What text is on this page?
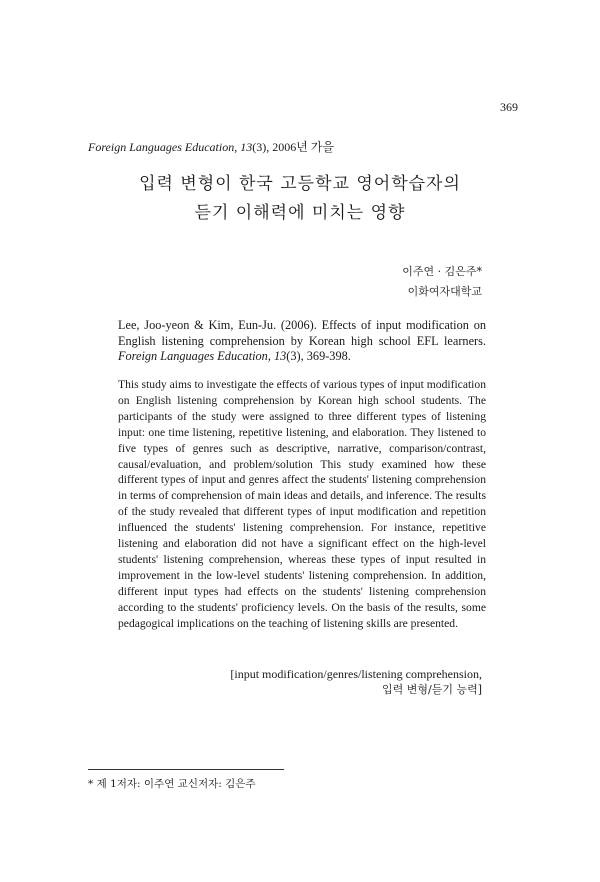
369
Foreign Languages Education, 13(3), 2006년 가을
입력 변형이 한국 고등학교 영어학습자의
듣기 이해력에 미치는 영향
이주연 · 김은주*
이화여자대학교
Lee, Joo-yeon & Kim, Eun-Ju. (2006). Effects of input modification on English listening comprehension by Korean high school EFL learners. Foreign Languages Education, 13(3), 369-398.
This study aims to investigate the effects of various types of input modification on English listening comprehension by Korean high school students. The participants of the study were assigned to three different types of listening input: one time listening, repetitive listening, and elaboration. They listened to five types of genres such as descriptive, narrative, comparison/contrast, causal/evaluation, and problem/solution This study examined how these different types of input and genres affect the students' listening comprehension in terms of comprehension of main ideas and details, and inference. The results of the study revealed that different types of input modification and repetition influenced the students' listening comprehension. For instance, repetitive listening and elaboration did not have a significant effect on the high-level students' listening comprehension, whereas these types of input resulted in improvement in the low-level students' listening comprehension. In addition, different input types had effects on the students' listening comprehension according to the students' proficiency levels. On the basis of the results, some pedagogical implications on the teaching of listening skills are presented.
[input modification/genres/listening comprehension,
입력 변형/듣기 능력]
* 제 1저자: 이주연 교신저자: 김은주
